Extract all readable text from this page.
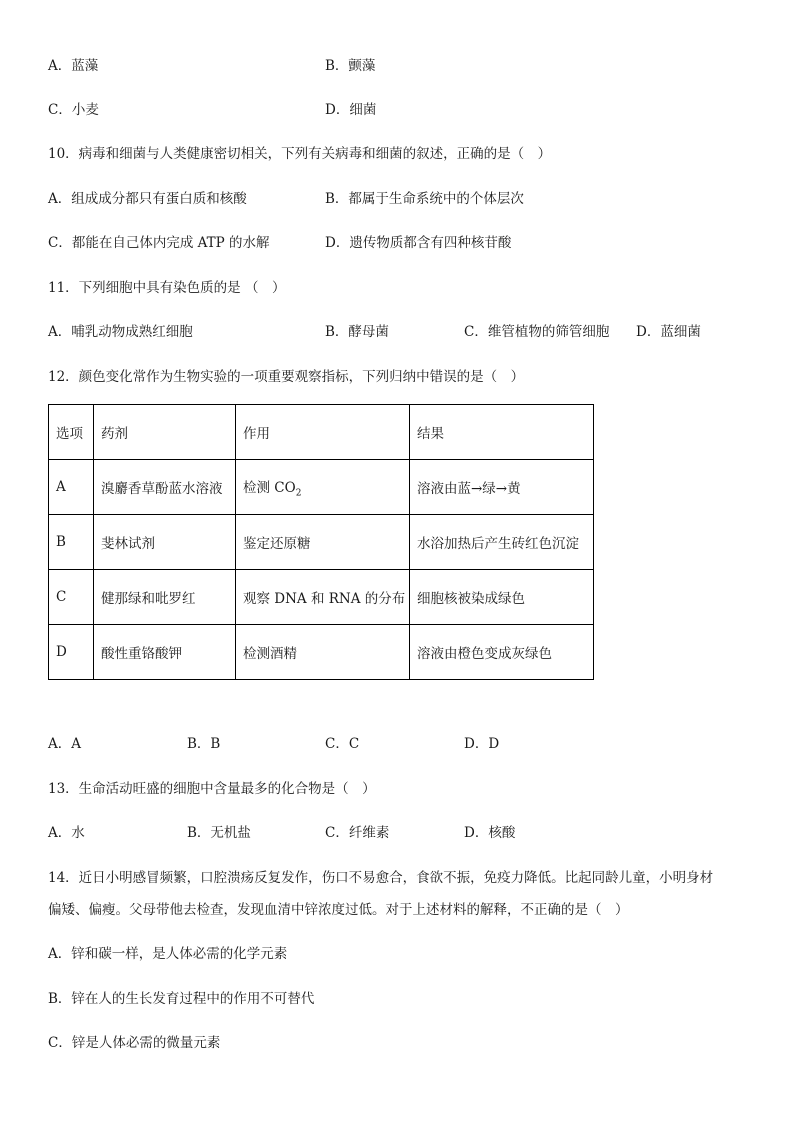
A．蓝藻	B．颤藻
C．小麦	D．细菌
10．病毒和细菌与人类健康密切相关，下列有关病毒和细菌的叙述，正确的是（　）
A．组成成分都只有蛋白质和核酸	B．都属于生命系统中的个体层次
C．都能在自己体内完成 ATP 的水解	D．遗传物质都含有四种核苷酸
11．下列细胞中具有染色质的是 （　）
A．哺乳动物成熟红细胞	B．酵母菌	C．维管植物的筛管细胞 D．蓝细菌
12．颜色变化常作为生物实验的一项重要观察指标，下列归纳中错误的是（　）
选项	药剂	作用	结果
A	溴麝香草酚蓝水溶液	检测 $CO_2$	溶液由蓝→绿→黄
B	斐林试剂	鉴定还原糖	水浴加热后产生砖红色沉淀
C	健那绿和吡罗红	观察 DNA 和 RNA 的分布	细胞核被染成绿色
D	酸性重铬酸钾	检测酒精	溶液由橙色变成灰绿色
A．A	B．B	C．C	D．D
13．生命活动旺盛的细胞中含量最多的化合物是（　）
A．水	B．无机盐	C．纤维素	D．核酸
14．近日小明感冒频繁，口腔溃疡反复发作，伤口不易愈合，食欲不振，免疫力降低。比起同龄儿童，小明身材
偏矮、偏瘦。父母带他去检查，发现血清中锌浓度过低。对于上述材料的解释，不正确的是（　）
A．锌和碳一样，是人体必需的化学元素
B．锌在人的生长发育过程中的作用不可替代
C．锌是人体必需的微量元素
